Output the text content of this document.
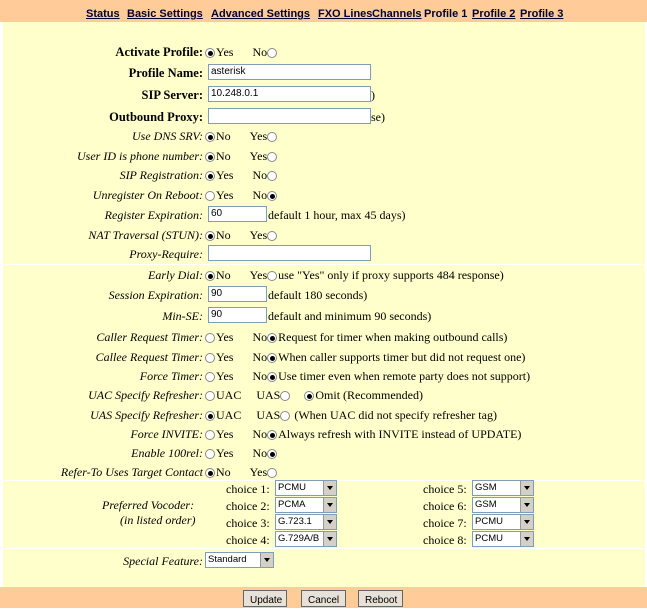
Status Basic Settings Advanced Settings FXO Lines Channels Profile 1 Profile 2 Profile 3
Activate Profile:	Yes No
Profile Name: asterisk
SIP Server: 10.248.0.1	)
Outbound Proxy:	se)
Use DNS SRV:	No Yes
User ID is phone number:	No Yes
SIP Registration:	Yes No
Unregister On Reboot:	Yes No
Register Expiration: 60	default 1 hour, max 45 days)
NAT Traversal (STUN):	No Yes
Proxy-Require:
Early Dial:	No Yes use "Yes" only if proxy supports 484 response)
Session Expiration: 90	default 180 seconds)
Min-SE: 90	default and minimum 90 seconds)
Caller Request Timer:	Yes No Request for timer when making outbound calls)
Callee Request Timer:	Yes No When caller supports timer but did not request one)
Force Timer:	Yes No Use timer even when remote party does not support)
UAC Specify Refresher:	UAC UAS	Omit (Recommended)
UAS Specify Refresher:	UAC UAS (When UAC did not specify refresher tag)
Force INVITE:	Yes No Always refresh with INVITE instead of UPDATE)
Enable 100rel:	Yes No
Refer-To Uses Target Contact	No Yes
Preferred Vocoder:
(in listed order)
choice 1: PCMU
choice 2: PCMA
choice 3: G.723.1
choice 4: G.729A/B
choice 5: GSM
choice 6: GSM
choice 7: PCMU
choice 8: PCMU
Special Feature: Standard
Update	Cancel	Reboot
